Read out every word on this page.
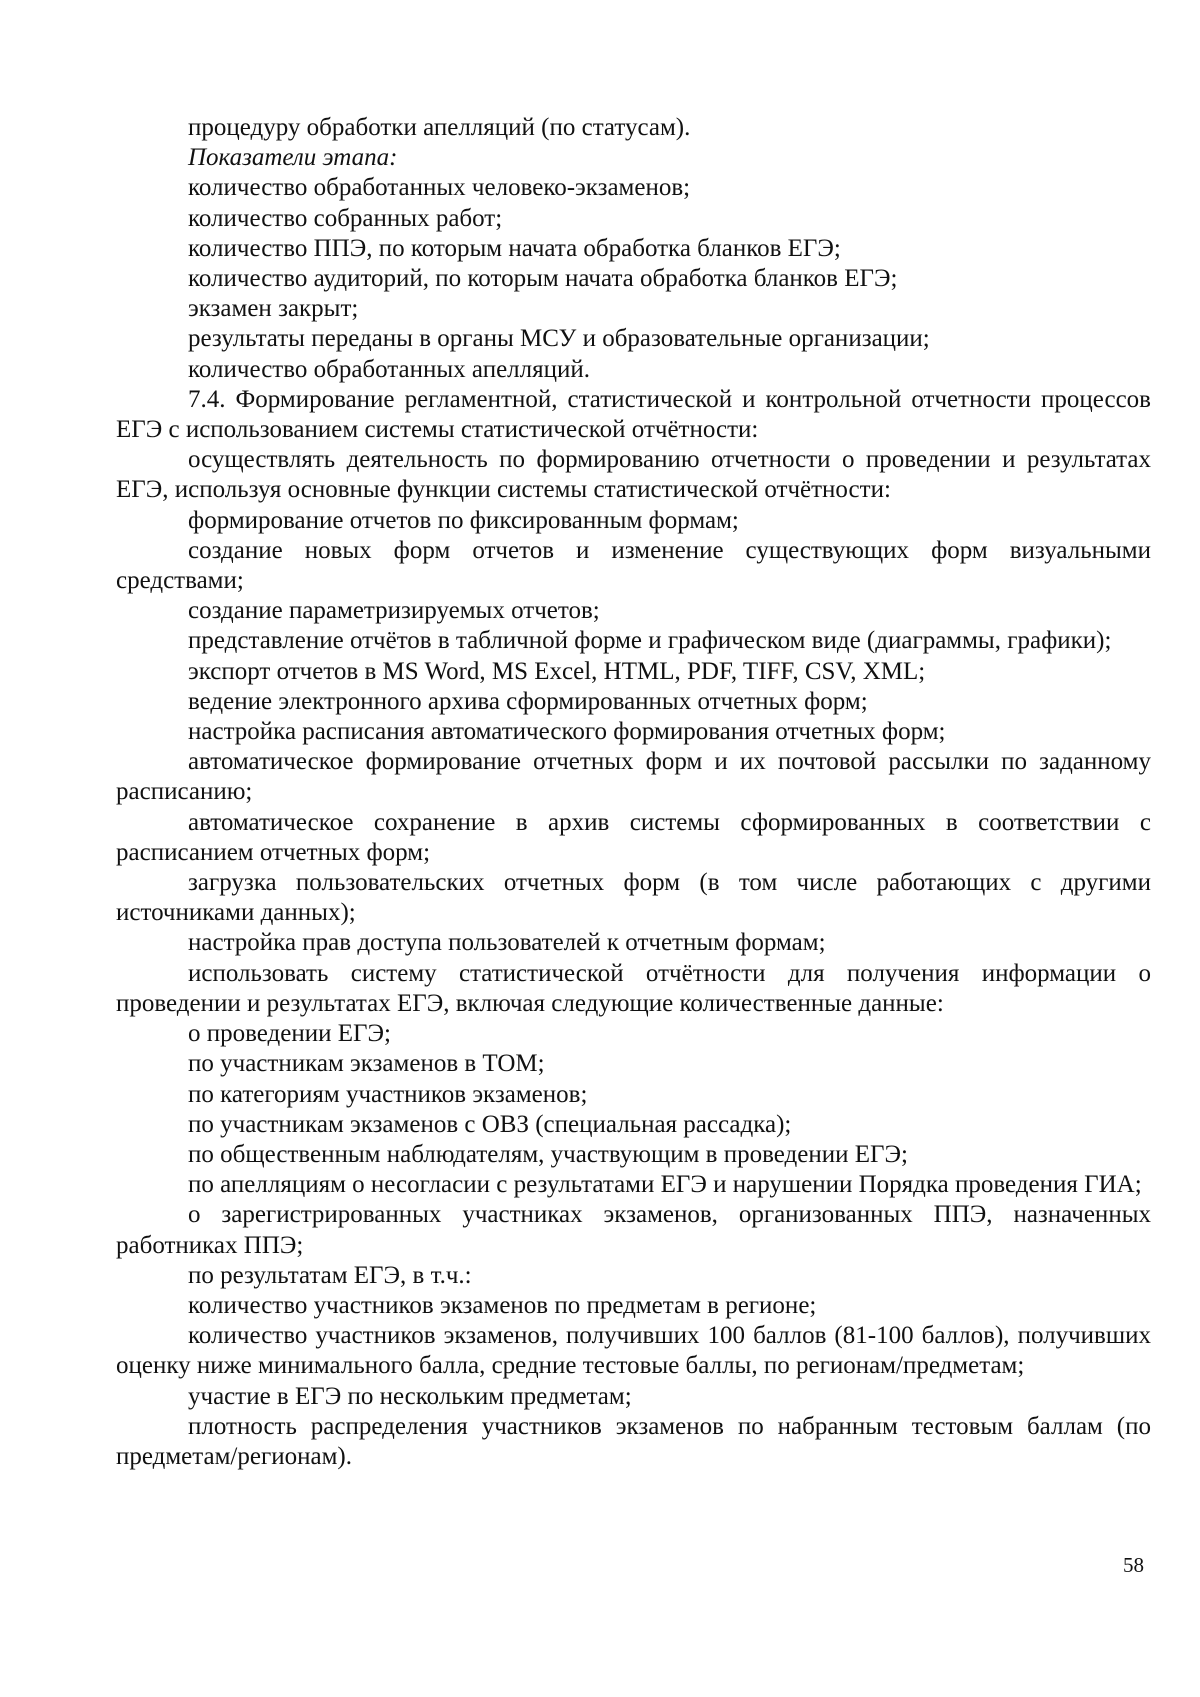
процедуру обработки апелляций (по статусам).

Показатели этапа:

количество обработанных человеко-экзаменов;

количество собранных работ;

количество ППЭ, по которым начата обработка бланков ЕГЭ;

количество аудиторий, по которым начата обработка бланков ЕГЭ;

экзамен закрыт;

результаты переданы в органы МСУ и образовательные организации;

количество обработанных апелляций.

7.4. Формирование регламентной, статистической и контрольной отчетности процессов ЕГЭ с использованием системы статистической отчётности:

осуществлять деятельность по формированию отчетности о проведении и результатах ЕГЭ, используя основные функции системы статистической отчётности:

формирование отчетов по фиксированным формам;

создание новых форм отчетов и изменение существующих форм визуальными средствами;

создание параметризируемых отчетов;

представление отчётов в табличной форме и графическом виде (диаграммы, графики);

экспорт отчетов в MS Word, MS Excel, HTML, PDF, TIFF, CSV, XML;

ведение электронного архива сформированных отчетных форм;

настройка расписания автоматического формирования отчетных форм;

автоматическое формирование отчетных форм и их почтовой рассылки по заданному расписанию;

автоматическое сохранение в архив системы сформированных в соответствии с расписанием отчетных форм;

загрузка пользовательских отчетных форм (в том числе работающих с другими источниками данных);

настройка прав доступа пользователей к отчетным формам;

использовать систему статистической отчётности для получения информации о проведении и результатах ЕГЭ, включая следующие количественные данные:

о проведении ЕГЭ;

по участникам экзаменов в ТОМ;

по категориям участников экзаменов;

по участникам экзаменов с ОВЗ (специальная рассадка);

по общественным наблюдателям, участвующим в проведении ЕГЭ;

по апелляциям о несогласии с результатами ЕГЭ и нарушении Порядка проведения ГИА;

о зарегистрированных участниках экзаменов, организованных ППЭ, назначенных работниках ППЭ;

по результатам ЕГЭ, в т.ч.:

количество участников экзаменов по предметам в регионе;

количество участников экзаменов, получивших 100 баллов (81-100 баллов), получивших оценку ниже минимального балла, средние тестовые баллы, по регионам/предметам;

участие в ЕГЭ по нескольким предметам;

плотность распределения участников экзаменов по набранным тестовым баллам (по предметам/регионам).

58
